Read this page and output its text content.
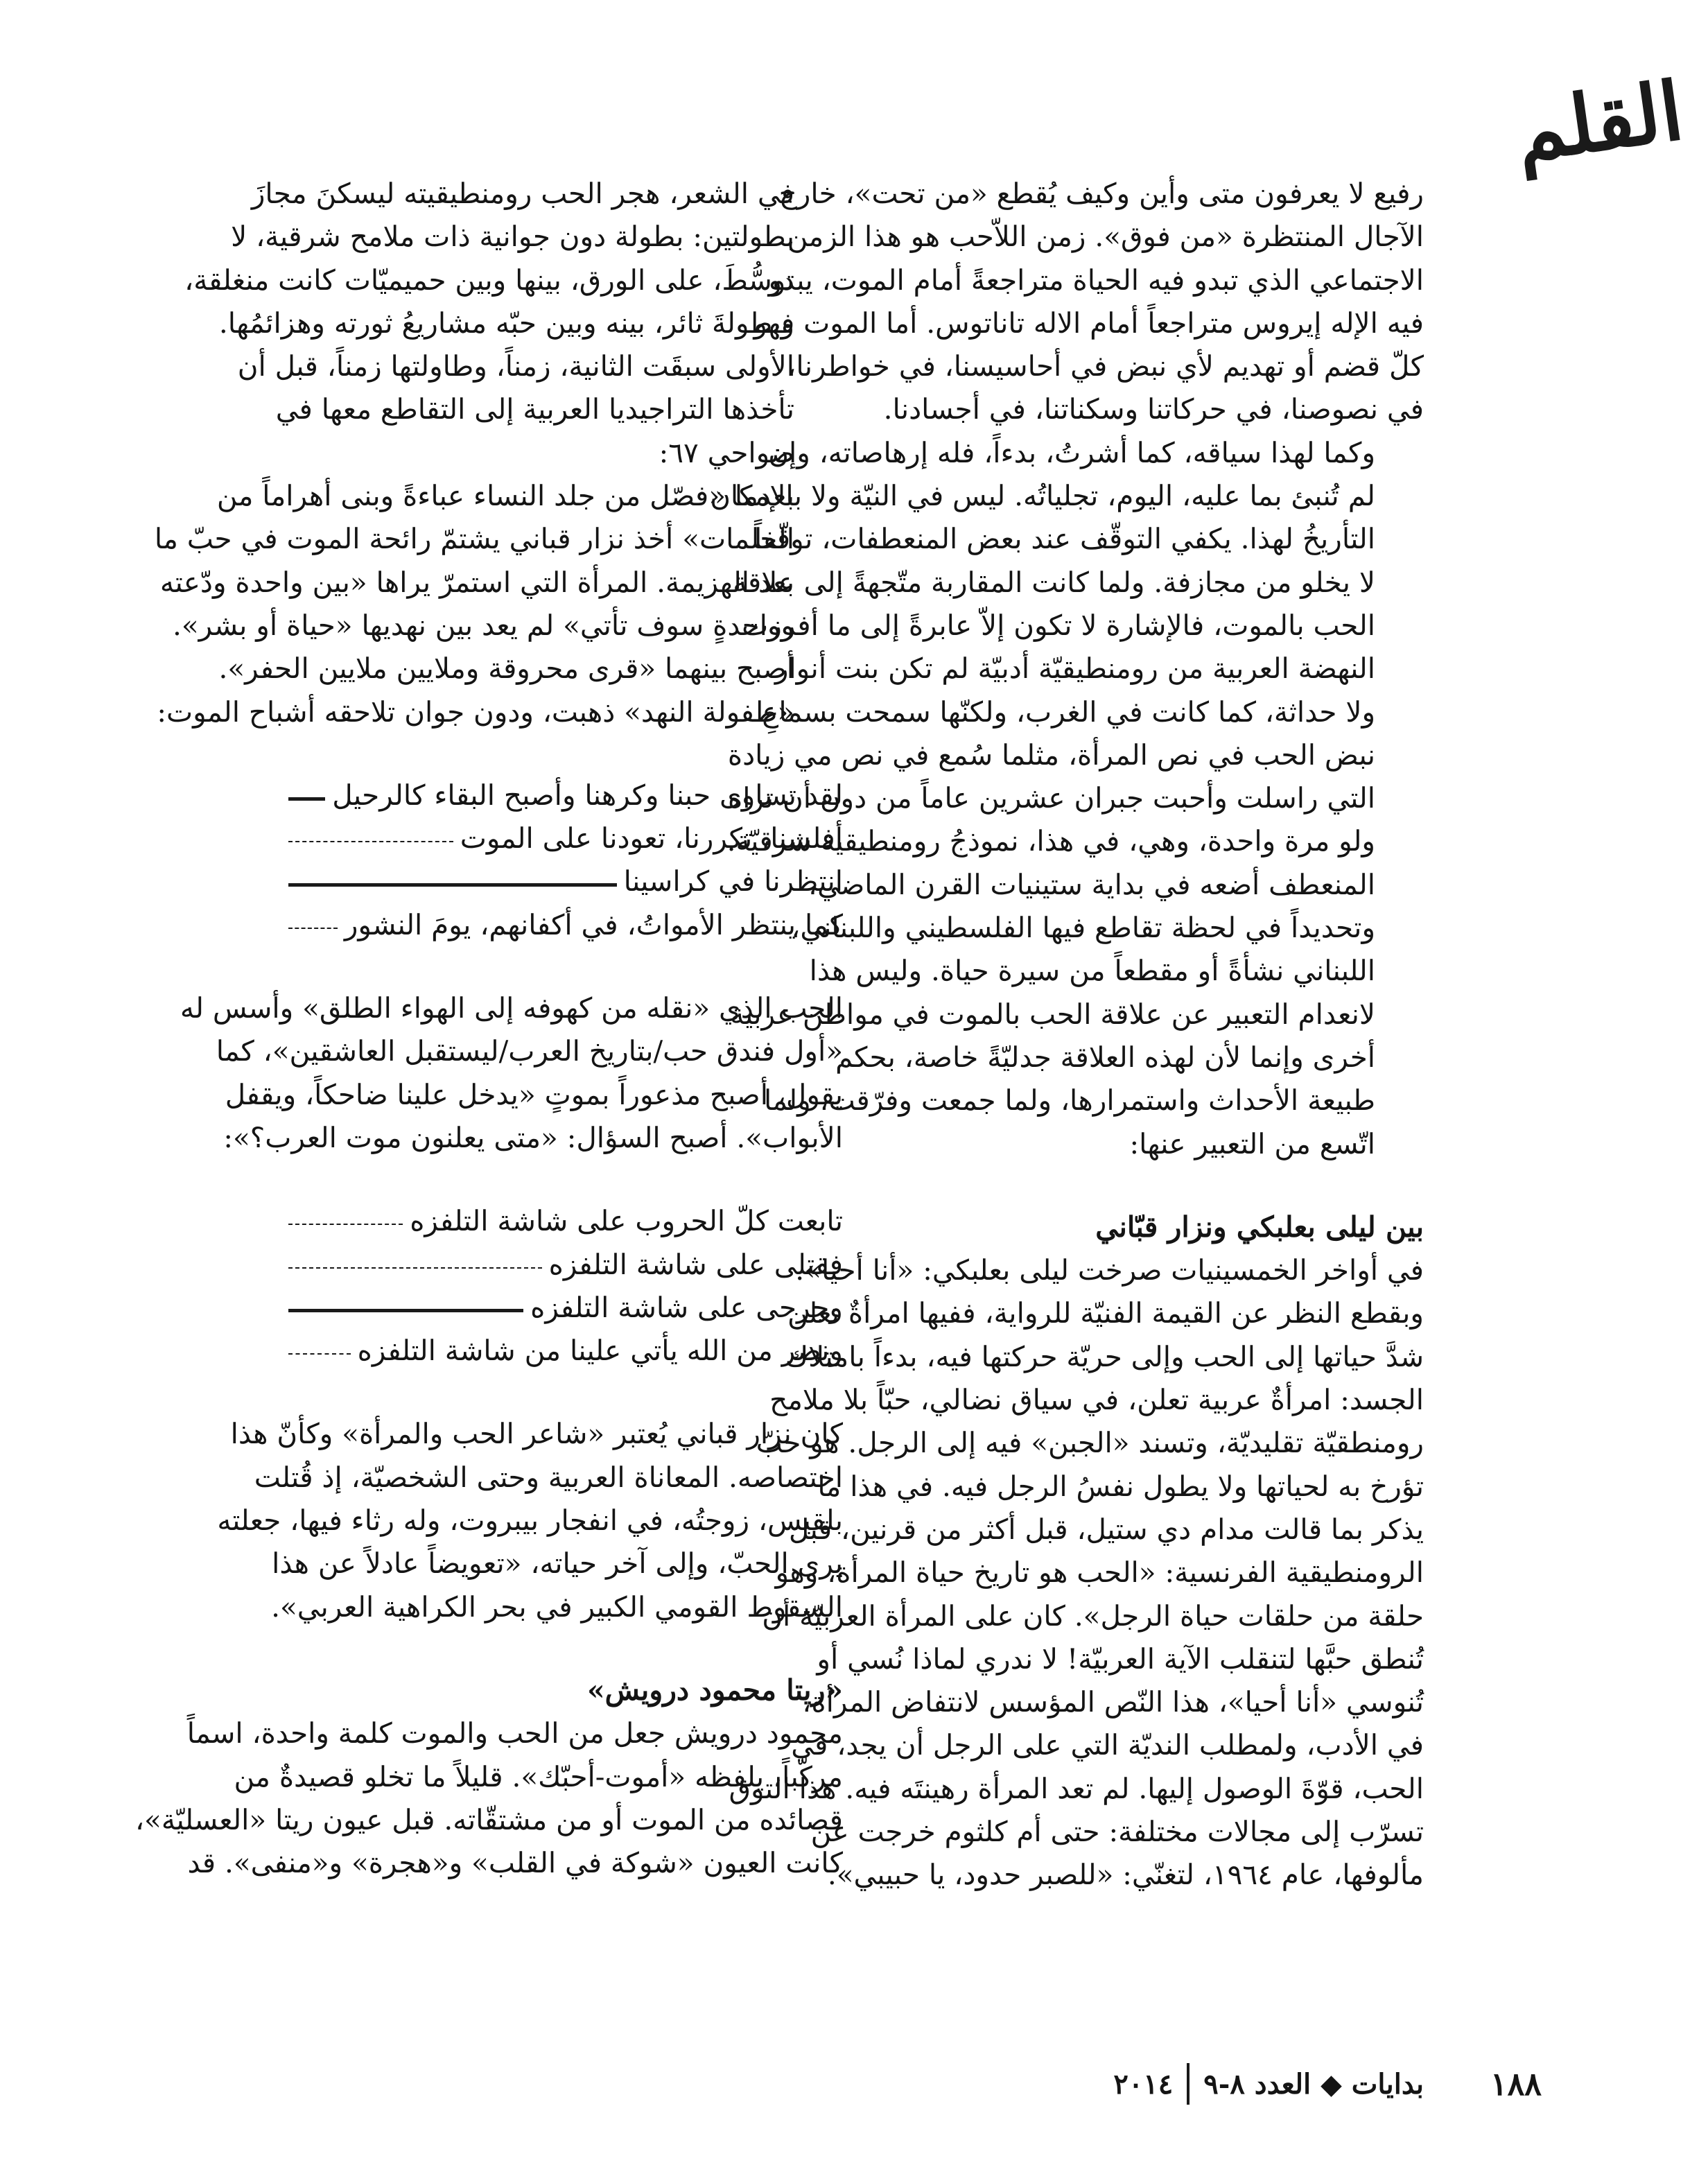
القلم

رفيع لا يعرفون متى وأين وكيف يُقطع «من تحت»، خارج
الآجال المنتظرة «من فوق». زمن اللاّحب هو هذا الزمن
الاجتماعي الذي تبدو فيه الحياة متراجعةً أمام الموت، يبدو
فيه الإله إيروس متراجعاً أمام الاله تاناتوس. أما الموت فهو
كلّ قضم أو تهديم لأي نبض في أحاسيسنا، في خواطرنا،
في نصوصنا، في حركاتنا وسكناتنا، في أجسادنا.

وكما لهذا سياقه، كما أشرتُ، بدءاً، فله إرهاصاته، وإن
لم تُنبئ بما عليه، اليوم، تجلياتُه. ليس في النيّة ولا بالإمكان
التأريخُ لهذا. يكفي التوقّف عند بعض المنعطفات، توقّفاً
لا يخلو من مجازفة. ولما كانت المقاربة متّجهةً إلى علاقة
الحب بالموت، فالإشارة لا تكون إلاّ عابرةً إلى ما أفرزت
النهضة العربية من رومنطيقيّة أدبيّة لم تكن بنت أنوار
ولا حداثة، كما كانت في الغرب، ولكنّها سمحت بسماعِ
نبض الحب في نص المرأة، مثلما سُمع في نص مي زيادة
التي راسلت وأحبت جبران عشرين عاماً من دون أن تراه
ولو مرة واحدة، وهي، في هذا، نموذجُ رومنطيقية شرقيّة.

المنعطف أضعه في بداية ستينيات القرن الماضي،
وتحديداً في لحظة تقاطع فيها الفلسطيني واللبناني،
اللبناني نشأةً أو مقطعاً من سيرة حياة. وليس هذا
لانعدام التعبير عن علاقة الحب بالموت في مواطن عربية
أخرى وإنما لأن لهذه العلاقة جدليّةً خاصة، بحكم
طبيعة الأحداث واستمرارها، ولما جمعت وفرّقت، ولما
اتّسع من التعبير عنها:

بين ليلى بعلبكي ونزار قبّاني

في أواخر الخمسينيات صرخت ليلى بعلبكي: «أنا أحيا».
وبقطع النظر عن القيمة الفنيّة للرواية، ففيها امرأةٌ تعلن
شدَّ حياتها إلى الحب وإلى حريّة حركتها فيه، بدءاً بامتلاك
الجسد: امرأةٌ عربية تعلن، في سياق نضالي، حبّاً بلا ملامح
رومنطقيّة تقليديّة، وتسند «الجبن» فيه إلى الرجل. هو حبّ
تؤرخ به لحياتها ولا يطول نفسُ الرجل فيه. في هذا ما
يذكر بما قالت مدام دي ستيل، قبل أكثر من قرنين، قبل
الرومنطيقية الفرنسية: «الحب هو تاريخ حياة المرأة، وهو
حلقة من حلقات حياة الرجل». كان على المرأة العربيّة أن
تُنطق حبَّها لتنقلب الآية العربيّة! لا ندري لماذا نُسي أو
تُنوسي «أنا أحيا»، هذا النّص المؤسس لانتفاض المرأة،
في الأدب، ولمطلب النديّة التي على الرجل أن يجد، في
الحب، قوّةَ الوصول إليها. لم تعد المرأة رهينتَه فيه. هذا التوق
تسرّب إلى مجالات مختلفة: حتى أم كلثوم خرجت عن
مألوفها، عام ١٩٦٤، لتغنّي: «للصبر حدود، يا حبيبي».

في الشعر، هجر الحب رومنطيقيته ليسكنَ مجازَ
بطولتين: بطولة دون جوانية ذات ملامح شرقية، لا
توسُّطَ، على الورق، بينها وبين حميميّات كانت منغلقة،
وبطولةَ ثائر، بينه وبين حبّه مشاريعُ ثورته وهزائمُها.
الأولى سبقَت الثانية، زمناً، وطاولتها زمناً، قبل أن
تأخذها التراجيديا العربية إلى التقاطع معها في
ضواحي ٦٧:

بعدما «فصّل من جلد النساء عباءةً وبنى أهراماً من
الحلمات» أخذ نزار قباني يشتمّ رائحة الموت في حبّ ما
بعد الهزيمة. المرأة التي استمرّ يراها «بين واحدة ودّعته
وواحدةٍ سوف تأتي» لم يعد بين نهديها «حياة أو بشر».
أصبح بينهما «قرى محروقة وملايين ملايين الحفر».
«طفولة النهد» ذهبت، ودون جوان تلاحقه أشباح الموت:

لقد تساوى حبنا وكرهنا وأصبح البقاء كالرحيل
أفلسنا، تكررنا، تعودنا على الموت
انتظرنا في كراسينا
كما ينتظر الأمواتُ، في أكفانهم، يومَ النشور

الحب الذي «نقله من كهوفه إلى الهواء الطلق» وأسس له
«أول فندق حب/بتاريخ العرب/ليستقبل العاشقين»، كما
يقول، أصبح مذعوراً بموتٍ «يدخل علينا ضاحكاً، ويقفل
الأبواب». أصبح السؤال: «متى يعلنون موت العرب؟»:

تابعت كلّ الحروب على شاشة التلفزه
فقتلى على شاشة التلفزه
وجرحى على شاشة التلفزه
ونصر من الله يأتي علينا من شاشة التلفزه

كان نزار قباني يُعتبر «شاعر الحب والمرأة» وكأنّ هذا
اختصاصه. المعاناة العربية وحتى الشخصيّة، إذ قُتلت
بلقيس، زوجتُه، في انفجار بيبروت، وله رثاء فيها، جعلته
يرى الحبّ، وإلى آخر حياته، «تعويضاً عادلاً عن هذا
السقوط القومي الكبير في بحر الكراهية العربي».

«ريتا محمود درويش»

محمود درويش جعل من الحب والموت كلمة واحدة، اسماً
مركّباً، يلفظه «أموت-أحبّك». قليلاً ما تخلو قصيدةٌ من
قصائده من الموت أو من مشتقّاته. قبل عيون ريتا «العسليّة»،
كانت العيون «شوكة في القلب» و«هجرة» و«منفى». قد

١٨٨
بدايات ◆ العدد ٨-٩
٢٠١٤
